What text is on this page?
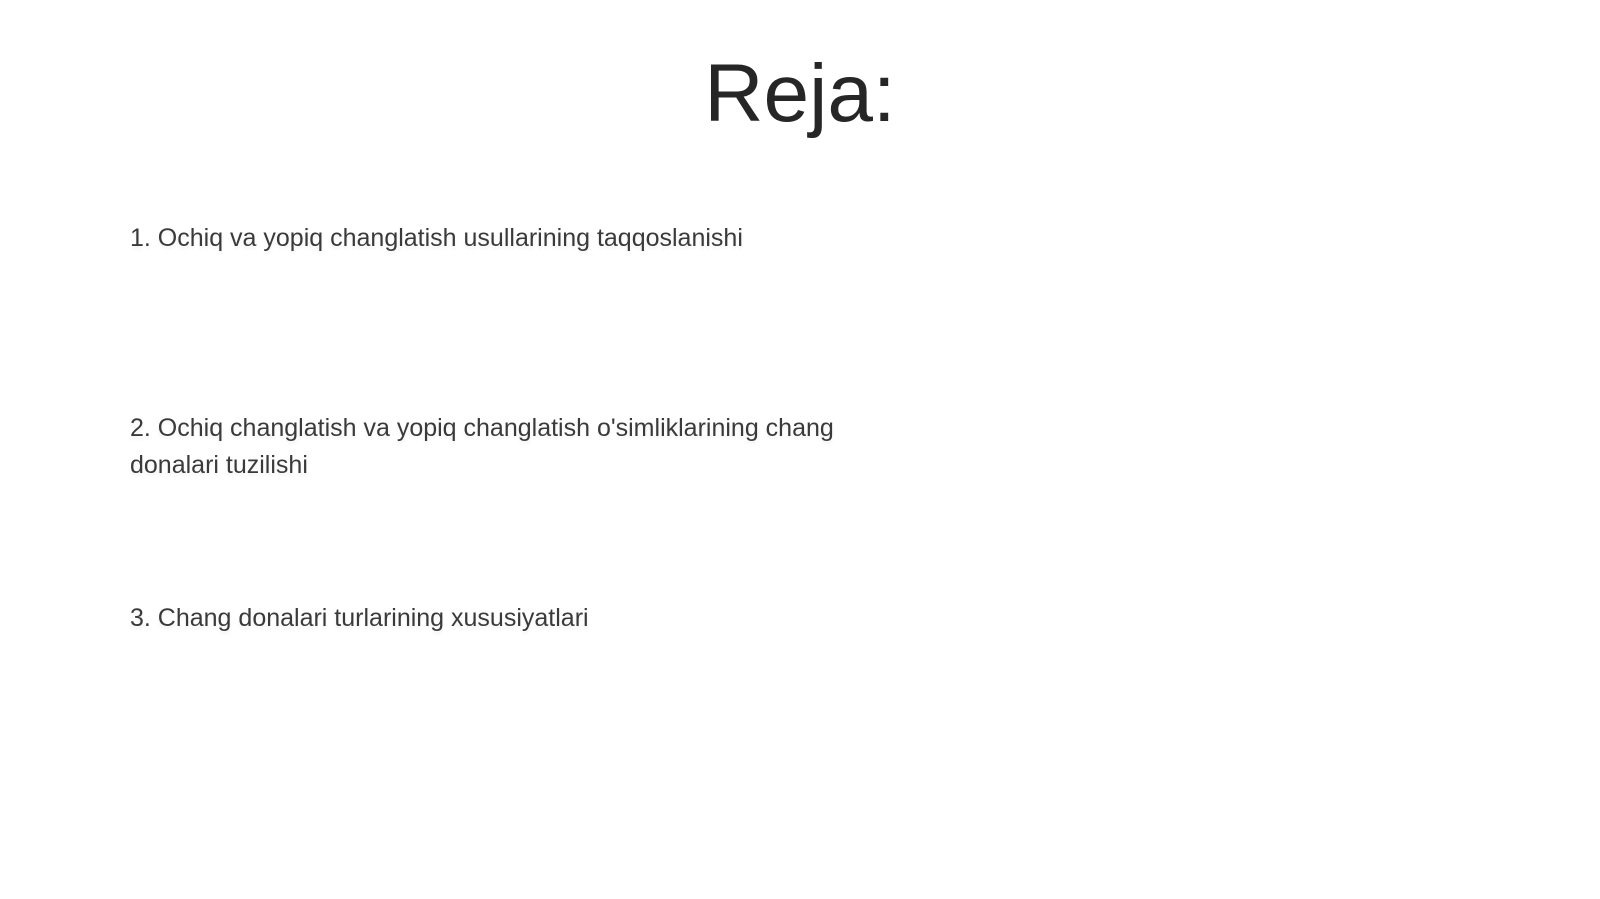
Reja:
1. Ochiq va yopiq changlatish usullarining taqqoslanishi
2. Ochiq changlatish va yopiq changlatish o'simliklarining chang donalari tuzilishi
3. Chang donalari turlarining xususiyatlari
